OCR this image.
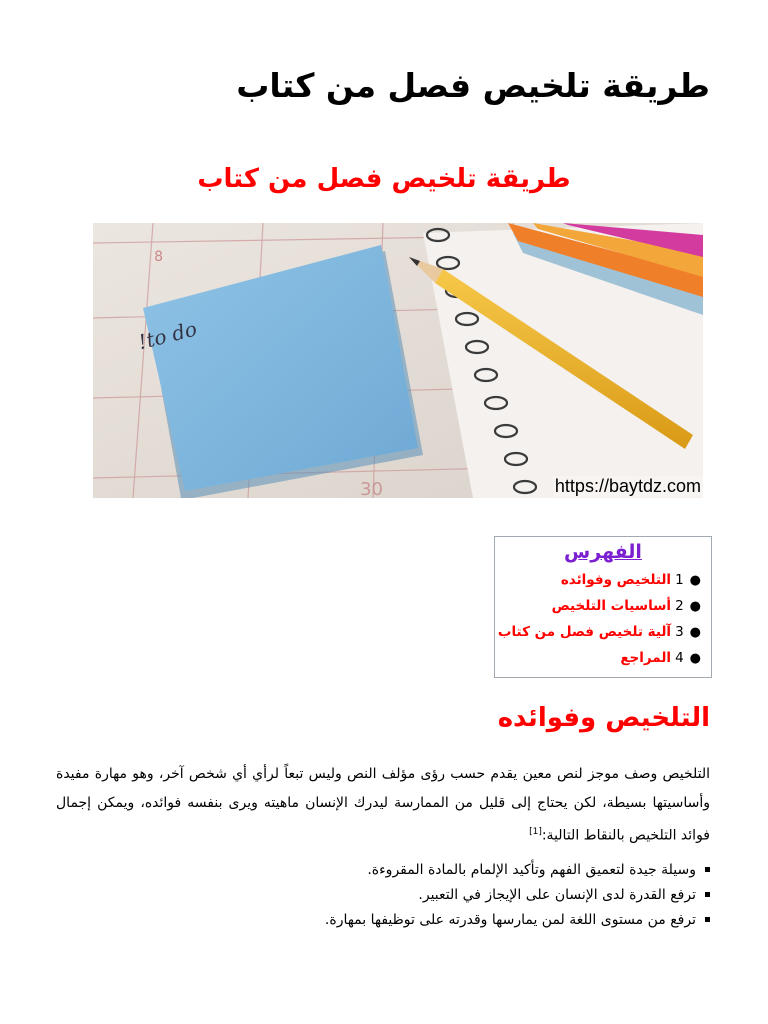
طريقة تلخيص فصل من كتاب
طريقة تلخيص فصل من كتاب
8
30
to do!
https://baytdz.com
الفهرس
●1التلخيص وفوائده
●2أساسيات التلخيص
●3آلية تلخيص فصل من كتاب
●4المراجع
التلخيص وفوائده

التلخيص وصف موجز لنص معين يقدم حسب رؤى مؤلف النص وليس تبعاً لرأي أي شخص آخر، وهو مهارة مفيدة وأساسيتها بسيطة، لكن يحتاج إلى قليل من الممارسة ليدرك الإنسان ماهيته ويرى بنفسه فوائده، ويمكن إجمال فوائد التلخيص بالنقاط التالية:[1]

وسيلة جيدة لتعميق الفهم وتأكيد الإلمام بالمادة المقروءة.
ترفع القدرة لدى الإنسان على الإيجاز في التعبير.
ترفع من مستوى اللغة لمن يمارسها وقدرته على توظيفها بمهارة.
